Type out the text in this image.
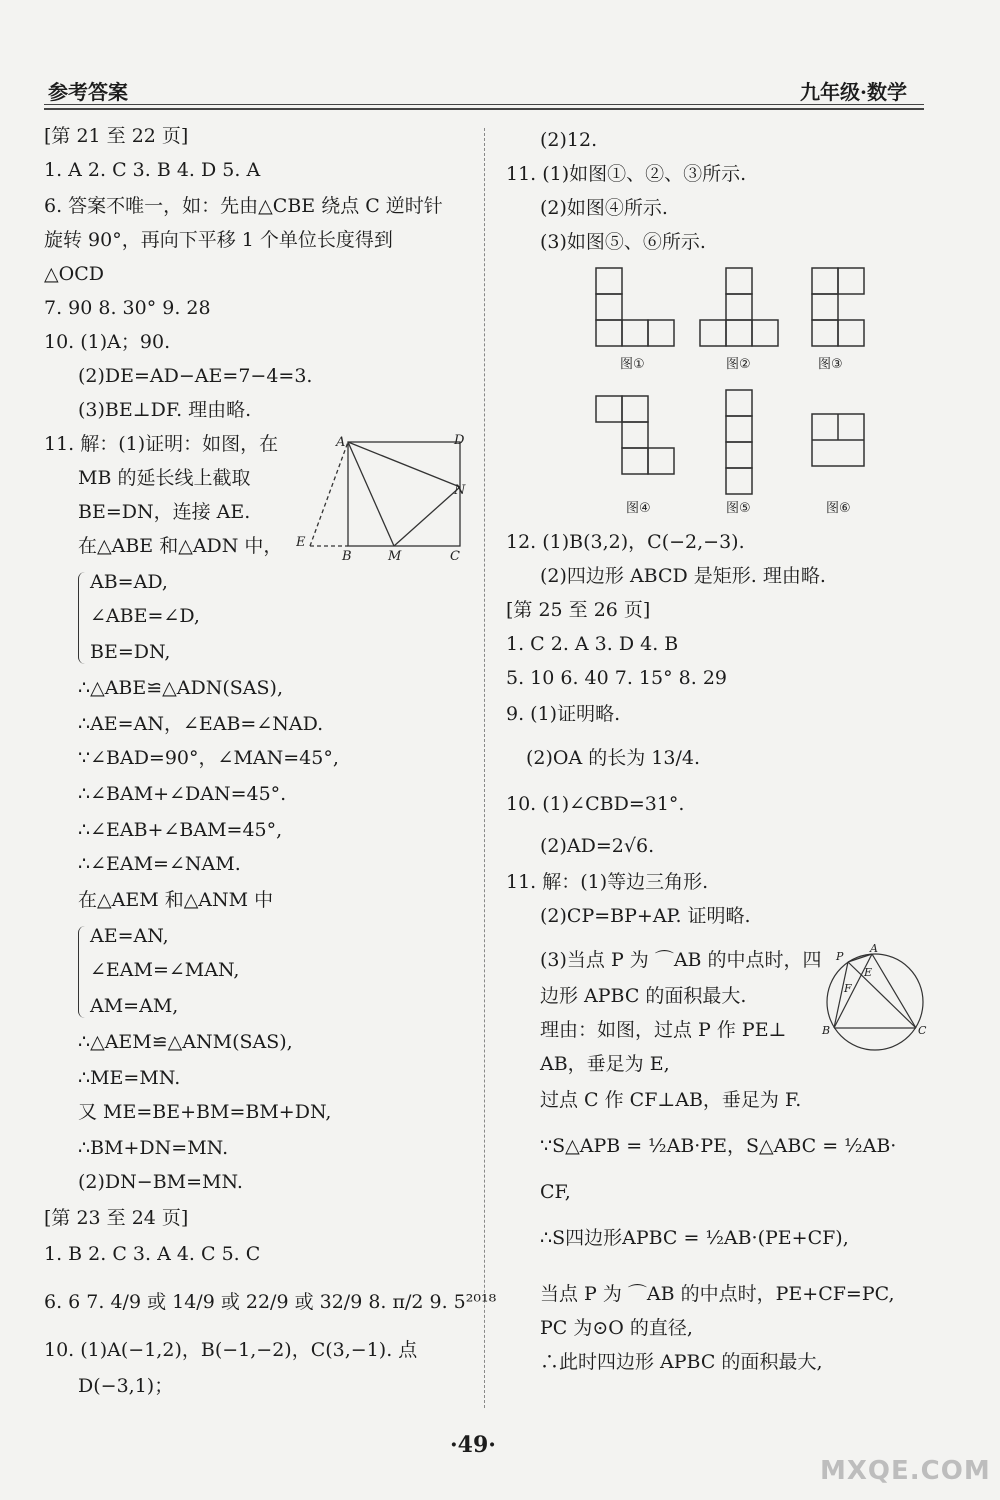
参考答案	九年级·数学
[第 21 至 22 页]
1. A 2. C 3. B 4. D 5. A
6. 答案不唯一，如：先由△CBE 绕点 C 逆时针
旋转 90°，再向下平移 1 个单位长度得到
△OCD
7. 90 8. 30° 9. 28
10. (1)A；90.
(2)DE=AD−AE=7−4=3.
(3)BE⊥DF. 理由略.
11. 解：(1)证明：如图，在
MB 的延长线上截取
BE=DN，连接 AE.
在△ABE 和△ADN 中，
AB=AD,
∠ABE=∠D,
BE=DN,
∴△ABE≌△ADN(SAS),
∴AE=AN，∠EAB=∠NAD.
∵∠BAD=90°，∠MAN=45°,
∴∠BAM+∠DAN=45°.
∴∠EAB+∠BAM=45°,
∴∠EAM=∠NAM.
在△AEM 和△ANM 中
AE=AN,
∠EAM=∠MAN,
AM=AM,
∴△AEM≌△ANM(SAS),
∴ME=MN.
又 ME=BE+BM=BM+DN,
∴BM+DN=MN.
(2)DN−BM=MN.
[第 23 至 24 页]
1. B 2. C 3. A 4. C 5. C
6. 6 7. 4/9 或 14/9 或 22/9 或 32/9 8. π/2 9. 5²⁰¹⁸
10. (1)A(−1,2)，B(−1,−2)，C(3,−1). 点
D(−3,1)；
A	D
N
E
B	M	C
(2)12.
11. (1)如图①、②、③所示.
(2)如图④所示.
(3)如图⑤、⑥所示.
12. (1)B(3,2)，C(−2,−3).
(2)四边形 ABCD 是矩形. 理由略.
[第 25 至 26 页]
1. C 2. A 3. D 4. B
5. 10 6. 40 7. 15° 8. 29
9. (1)证明略.
(2)OA 的长为 13/4.
10. (1)∠CBD=31°.
(2)AD=2√6.
11. 解：(1)等边三角形.
(2)CP=BP+AP. 证明略.
(3)当点 P 为 ⌒AB 的中点时，四
边形 APBC 的面积最大.
理由：如图，过点 P 作 PE⊥
AB，垂足为 E,
过点 C 作 CF⊥AB，垂足为 F.
∵S△APB = ½AB·PE，S△ABC = ½AB·
CF,
∴S四边形APBC = ½AB·(PE+CF),
当点 P 为 ⌒AB 的中点时，PE+CF=PC,
PC 为⊙O 的直径,
∴此时四边形 APBC 的面积最大,
图①	图②	图③
图④	图⑤	图⑥
P
A
E
F
B	C
·49·
MXQE.COM
